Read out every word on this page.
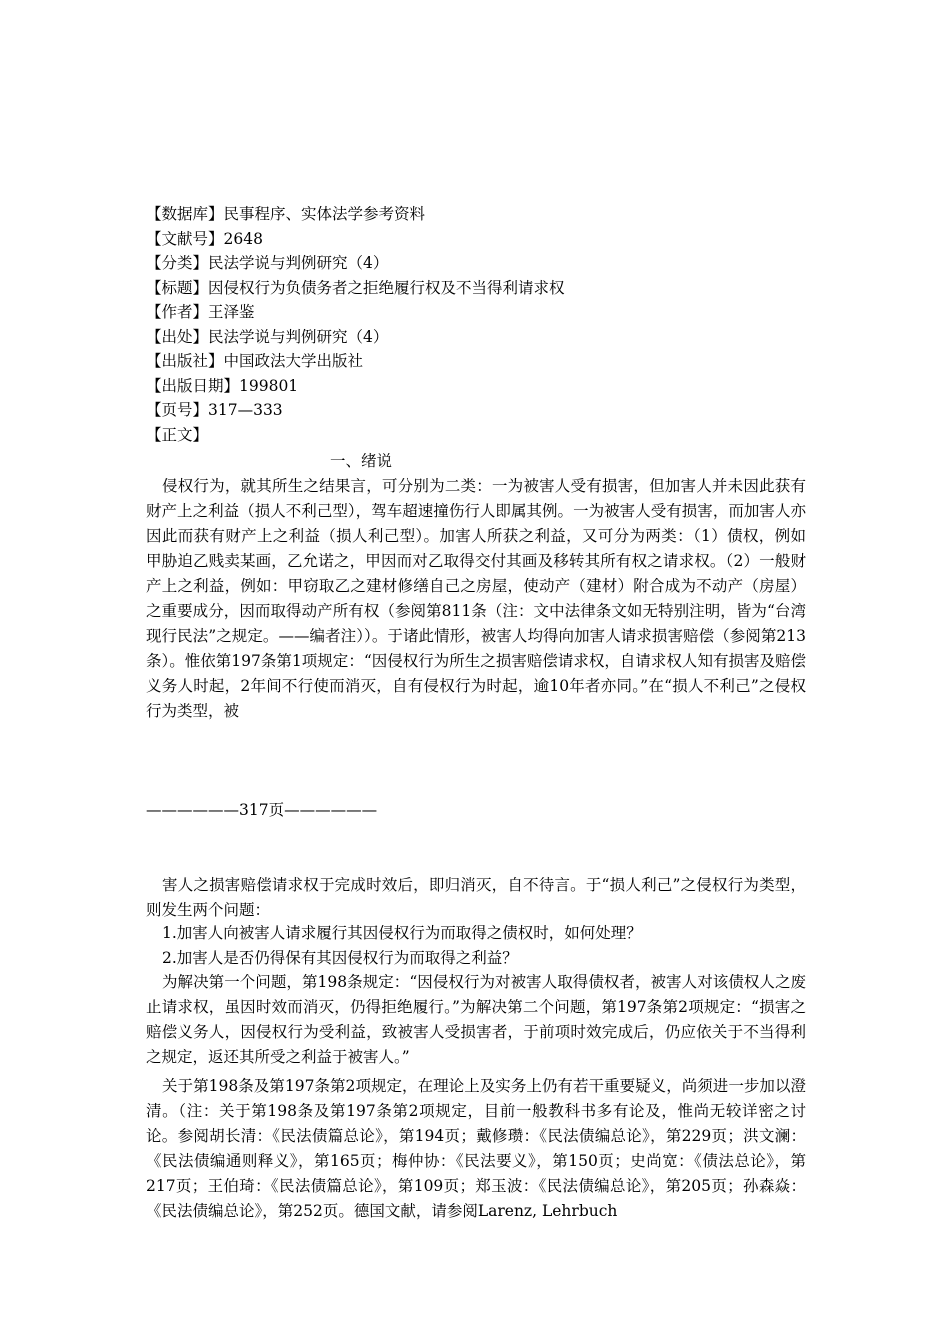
【数据库】民事程序、实体法学参考资料
【文献号】2648
【分类】民法学说与判例研究（4）
【标题】因侵权行为负债务者之拒绝履行权及不当得利请求权
【作者】王泽鉴
【出处】民法学说与判例研究（4）
【出版社】中国政法大学出版社
【出版日期】199801
【页号】317—333
【正文】
一、绪说
侵权行为，就其所生之结果言，可分别为二类：一为被害人受有损害，但加害人并未因此获有财产上之利益（损人不利己型），驾车超速撞伤行人即属其例。一为被害人受有损害，而加害人亦因此而获有财产上之利益（损人利己型）。加害人所获之利益，又可分为两类：（1）债权，例如甲胁迫乙贱卖某画，乙允诺之，甲因而对乙取得交付其画及移转其所有权之请求权。（2）一般财产上之利益，例如：甲窃取乙之建材修缮自己之房屋，使动产（建材）附合成为不动产（房屋）之重要成分，因而取得动产所有权（参阅第811条（注：文中法律条文如无特别注明，皆为“台湾现行民法”之规定。——编者注））。于诸此情形，被害人均得向加害人请求损害赔偿（参阅第213条）。惟依第197条第1项规定：“因侵权行为所生之损害赔偿请求权，自请求权人知有损害及赔偿义务人时起，2年间不行使而消灭，自有侵权行为时起，逾10年者亦同。”在“损人不利己”之侵权行为类型，被
——————317页——————
害人之损害赔偿请求权于完成时效后，即归消灭，自不待言。于“损人利己”之侵权行为类型，则发生两个问题：
1.加害人向被害人请求履行其因侵权行为而取得之债权时，如何处理？
2.加害人是否仍得保有其因侵权行为而取得之利益？
为解决第一个问题，第198条规定：“因侵权行为对被害人取得债权者，被害人对该债权人之废止请求权，虽因时效而消灭，仍得拒绝履行。”为解决第二个问题，第197条第2项规定：“损害之赔偿义务人，因侵权行为受利益，致被害人受损害者，于前项时效完成后，仍应依关于不当得利之规定，返还其所受之利益于被害人。”
关于第198条及第197条第2项规定，在理论上及实务上仍有若干重要疑义，尚须进一步加以澄清。（注：关于第198条及第197条第2项规定，目前一般教科书多有论及，惟尚无较详密之讨论。参阅胡长清：《民法债篇总论》，第194页；戴修瓒：《民法债编总论》，第229页；洪文澜：《民法债编通则释义》，第165页；梅仲协：《民法要义》，第150页；史尚宽：《债法总论》，第217页；王伯琦：《民法债篇总论》，第109页；郑玉波：《民法债编总论》，第205页；孙森焱：《民法债编总论》，第252页。德国文献，请参阅Larenz, Lehrbuch
